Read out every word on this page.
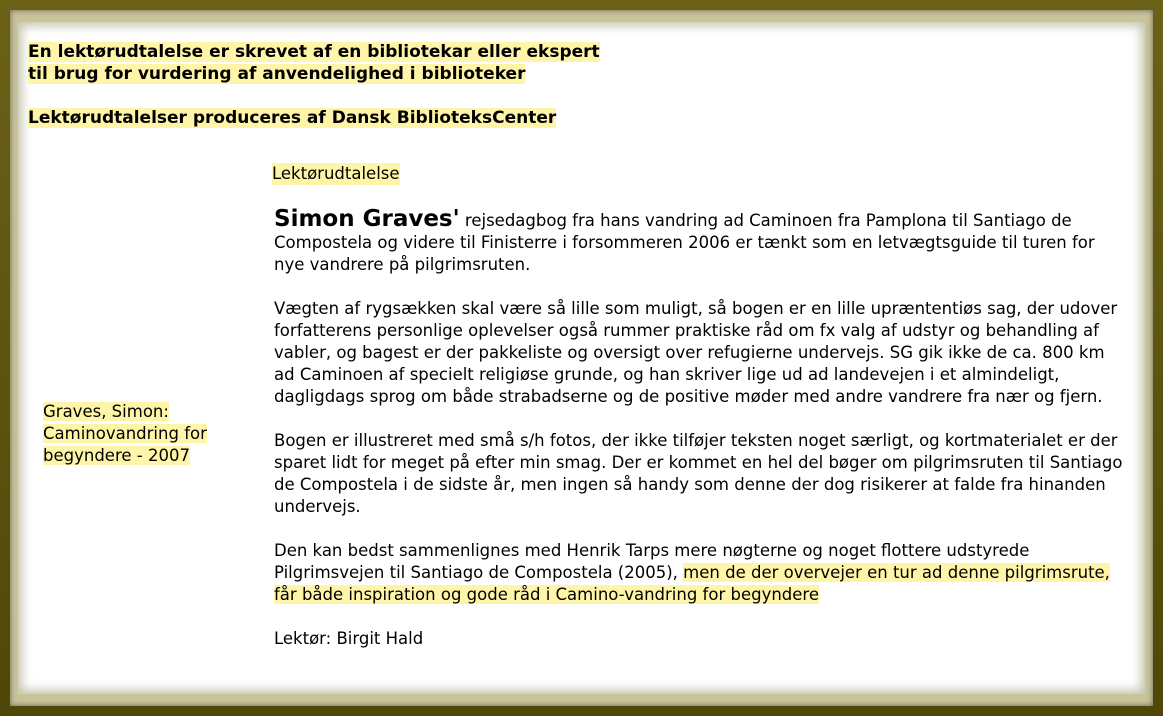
En lektørudtalelse er skrevet af en bibliotekar eller ekspert

til brug for vurdering af anvendelighed i biblioteker

Lektørudtalelser produceres af Dansk BiblioteksCenter

Graves, Simon:
Caminovandring for
begyndere - 2007
Lektørudtalelse

Simon Graves' rejsedagbog fra hans vandring ad Caminoen fra Pamplona til Santiago de Compostela og videre til Finisterre i forsommeren 2006 er tænkt som en letvægtsguide til turen for nye vandrere på pilgrimsruten.

Vægten af rygsækken skal være så lille som muligt, så bogen er en lille upræntentiøs sag, der udover forfatterens personlige oplevelser også rummer praktiske råd om fx valg af udstyr og behandling af vabler, og bagest er der pakkeliste og oversigt over refugierne undervejs. SG gik ikke de ca. 800 km ad Caminoen af specielt religiøse grunde, og han skriver lige ud ad landevejen i et almindeligt, dagligdags sprog om både strabadserne og de positive møder med andre vandrere fra nær og fjern.

Bogen er illustreret med små s/h fotos, der ikke tilføjer teksten noget særligt, og kortmaterialet er der sparet lidt for meget på efter min smag. Der er kommet en hel del bøger om pilgrimsruten til Santiago de Compostela i de sidste år, men ingen så handy som denne der dog risikerer at falde fra hinanden undervejs.

Den kan bedst sammenlignes med Henrik Tarps mere nøgterne og noget flottere udstyrede Pilgrimsvejen til Santiago de Compostela (2005), men de der overvejer en tur ad denne pilgrimsrute, får både inspiration og gode råd i Camino-vandring for begyndere

Lektør: Birgit Hald
